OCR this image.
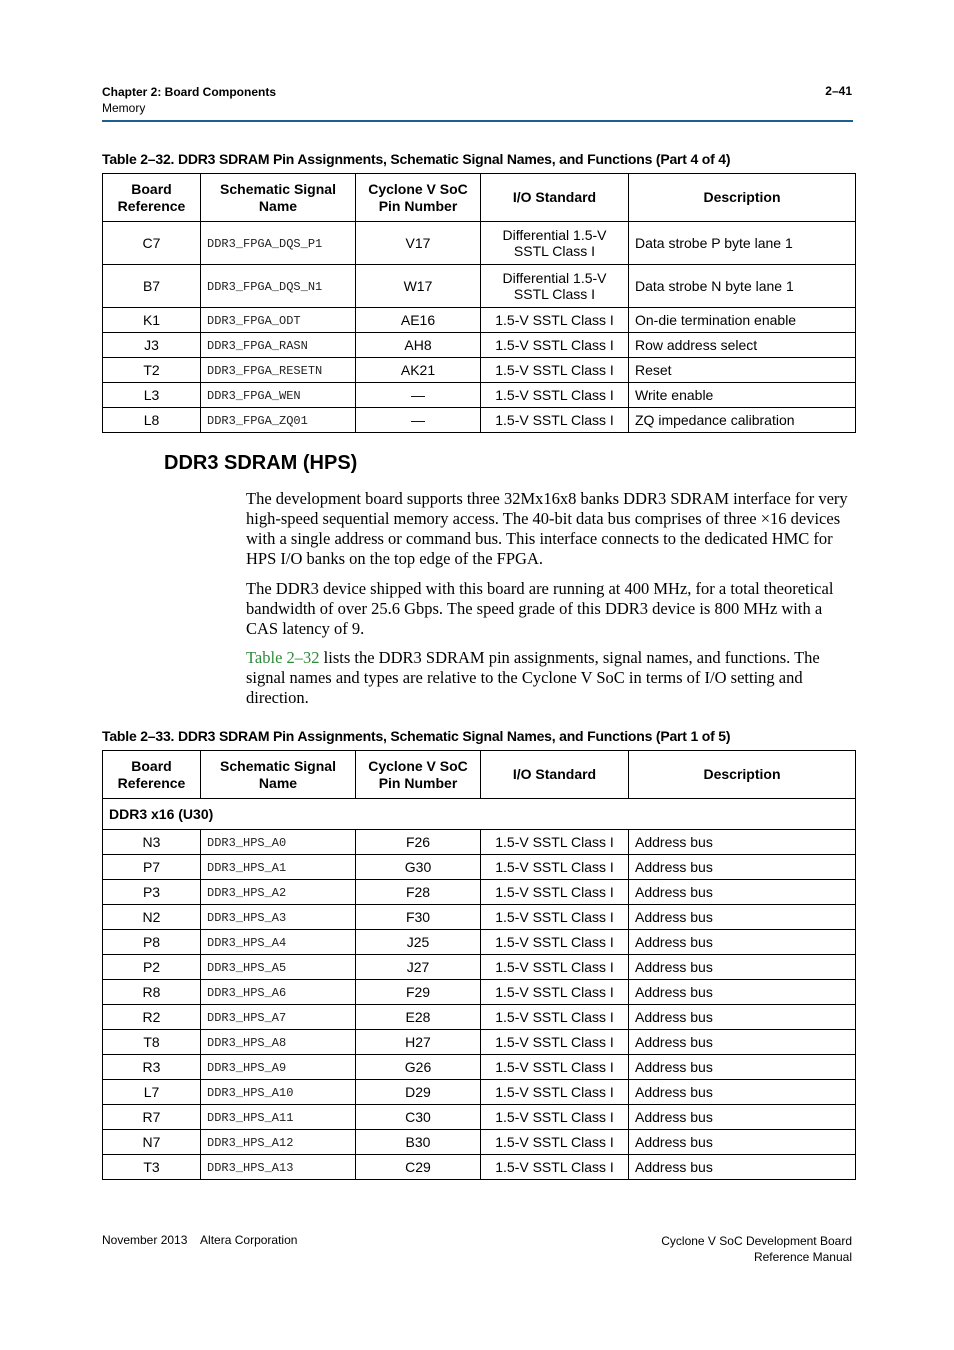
Chapter 2: Board Components
Memory
2–41
Table 2–32. DDR3 SDRAM Pin Assignments, Schematic Signal Names, and Functions (Part 4 of 4)
Board Reference	Schematic Signal Name	Cyclone V SoC Pin Number	I/O Standard	Description
C7	DDR3_FPGA_DQS_P1	V17	Differential 1.5-V SSTL Class I	Data strobe P byte lane 1
B7	DDR3_FPGA_DQS_N1	W17	Differential 1.5-V SSTL Class I	Data strobe N byte lane 1
K1	DDR3_FPGA_ODT	AE16	1.5-V SSTL Class I	On-die termination enable
J3	DDR3_FPGA_RASN	AH8	1.5-V SSTL Class I	Row address select
T2	DDR3_FPGA_RESETN	AK21	1.5-V SSTL Class I	Reset
L3	DDR3_FPGA_WEN	—	1.5-V SSTL Class I	Write enable
L8	DDR3_FPGA_ZQ01	—	1.5-V SSTL Class I	ZQ impedance calibration
DDR3 SDRAM (HPS)
The development board supports three 32Mx16x8 banks DDR3 SDRAM interface for very high-speed sequential memory access. The 40-bit data bus comprises of three ×16 devices with a single address or command bus. This interface connects to the dedicated HMC for HPS I/O banks on the top edge of the FPGA.
The DDR3 device shipped with this board are running at 400 MHz, for a total theoretical bandwidth of over 25.6 Gbps. The speed grade of this DDR3 device is 800 MHz with a CAS latency of 9.
Table 2–32 lists the DDR3 SDRAM pin assignments, signal names, and functions. The signal names and types are relative to the Cyclone V SoC in terms of I/O setting and direction.
Table 2–33. DDR3 SDRAM Pin Assignments, Schematic Signal Names, and Functions (Part 1 of 5)
Board Reference	Schematic Signal Name	Cyclone V SoC Pin Number	I/O Standard	Description
DDR3 x16 (U30)				
N3	DDR3_HPS_A0	F26	1.5-V SSTL Class I	Address bus
P7	DDR3_HPS_A1	G30	1.5-V SSTL Class I	Address bus
P3	DDR3_HPS_A2	F28	1.5-V SSTL Class I	Address bus
N2	DDR3_HPS_A3	F30	1.5-V SSTL Class I	Address bus
P8	DDR3_HPS_A4	J25	1.5-V SSTL Class I	Address bus
P2	DDR3_HPS_A5	J27	1.5-V SSTL Class I	Address bus
R8	DDR3_HPS_A6	F29	1.5-V SSTL Class I	Address bus
R2	DDR3_HPS_A7	E28	1.5-V SSTL Class I	Address bus
T8	DDR3_HPS_A8	H27	1.5-V SSTL Class I	Address bus
R3	DDR3_HPS_A9	G26	1.5-V SSTL Class I	Address bus
L7	DDR3_HPS_A10	D29	1.5-V SSTL Class I	Address bus
R7	DDR3_HPS_A11	C30	1.5-V SSTL Class I	Address bus
N7	DDR3_HPS_A12	B30	1.5-V SSTL Class I	Address bus
T3	DDR3_HPS_A13	C29	1.5-V SSTL Class I	Address bus
November 2013    Altera Corporation	Cyclone V SoC Development Board
Reference Manual
